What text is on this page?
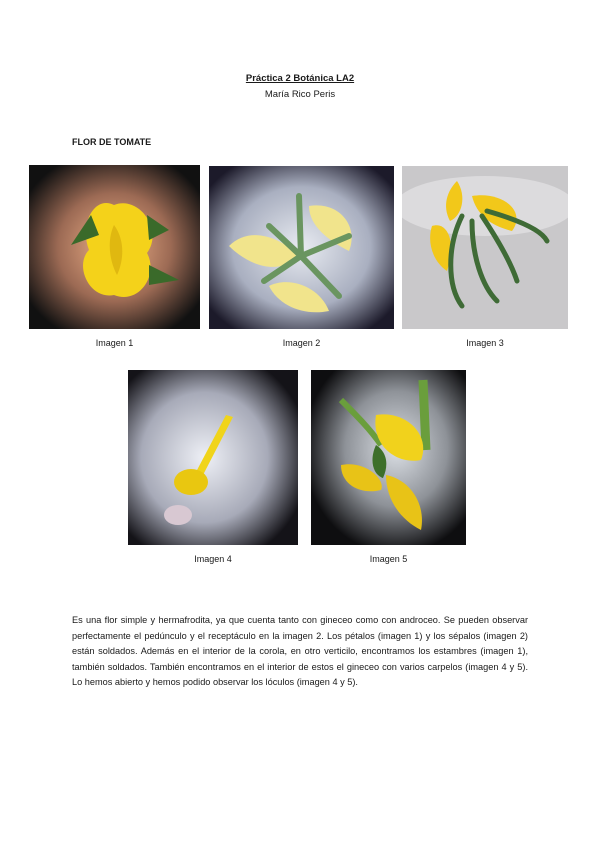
Práctica 2 Botánica LA2
María Rico Peris
FLOR DE TOMATE
Imagen 1	Imagen 2	Imagen 3
Imagen 4	Imagen 5
Es una flor simple y hermafrodita, ya que cuenta tanto con gineceo como con androceo. Se pueden observar perfectamente el pedúnculo y el receptáculo en la imagen 2. Los pétalos (imagen 1) y los sépalos (imagen 2) están soldados. Además en el interior de la corola, en otro verticilo, encontramos los estambres (imagen 1), también soldados. También encontramos en el interior de estos el gineceo con varios carpelos (imagen 4 y 5). Lo hemos abierto y hemos podido observar los lóculos (imagen 4 y 5).
